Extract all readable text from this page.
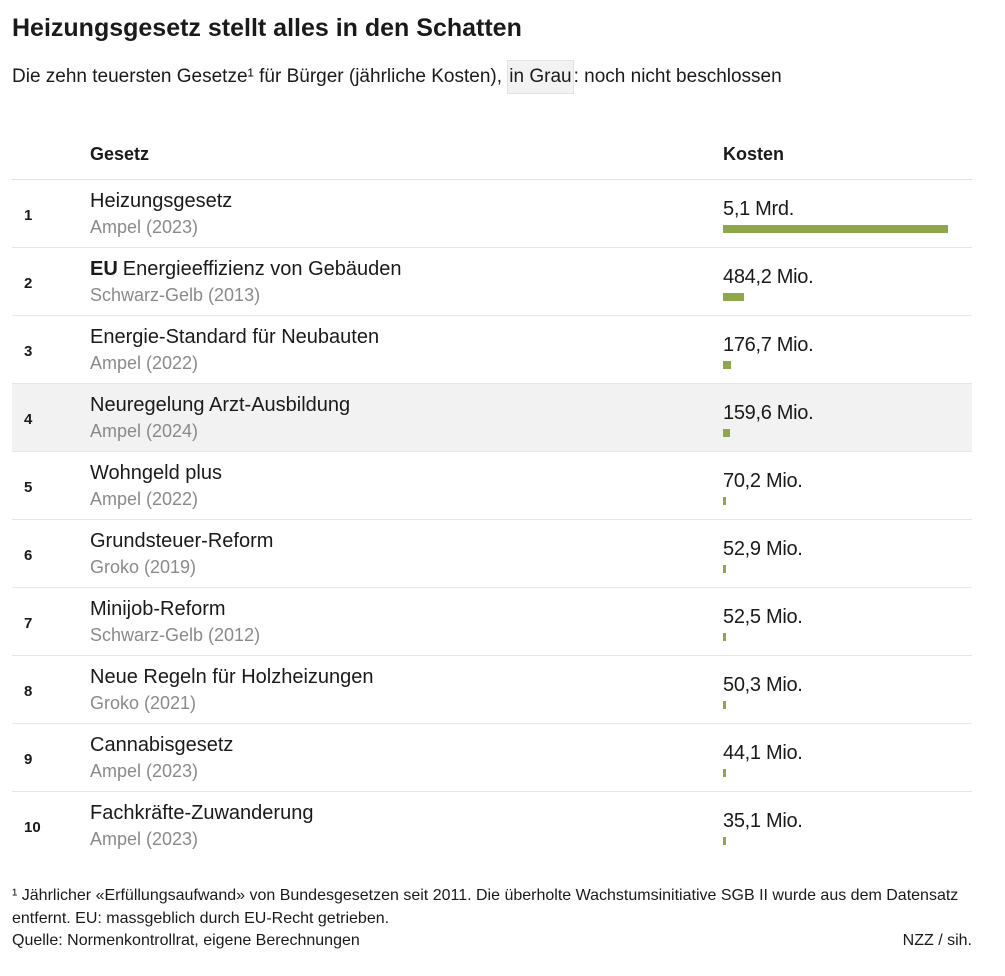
Heizungsgesetz stellt alles in den Schatten
Die zehn teuersten Gesetze¹ für Bürger (jährliche Kosten), in Grau : noch nicht beschlossen
Gesetz	Kosten
1
Heizungsgesetz
Ampel (2023)
5,1 Mrd.
2
EU Energieeffizienz von Gebäuden
Schwarz-Gelb (2013)
484,2 Mio.
3
Energie-Standard für Neubauten
Ampel (2022)
176,7 Mio.
4
Neuregelung Arzt-Ausbildung
Ampel (2024)
159,6 Mio.
5
Wohngeld plus
Ampel (2022)
70,2 Mio.
6
Grundsteuer-Reform
Groko (2019)
52,9 Mio.
7
Minijob-Reform
Schwarz-Gelb (2012)
52,5 Mio.
8
Neue Regeln für Holzheizungen
Groko (2021)
50,3 Mio.
9
Cannabisgesetz
Ampel (2023)
44,1 Mio.
10
Fachkräfte-Zuwanderung
Ampel (2023)
35,1 Mio.
¹ Jährlicher «Erfüllungsaufwand» von Bundesgesetzen seit 2011. Die überholte Wachstumsinitiative SGB II wurde aus dem Datensatz entfernt. EU: massgeblich durch EU-Recht getrieben.
Quelle: Normenkontrollrat, eigene Berechnungen	NZZ / sih.
